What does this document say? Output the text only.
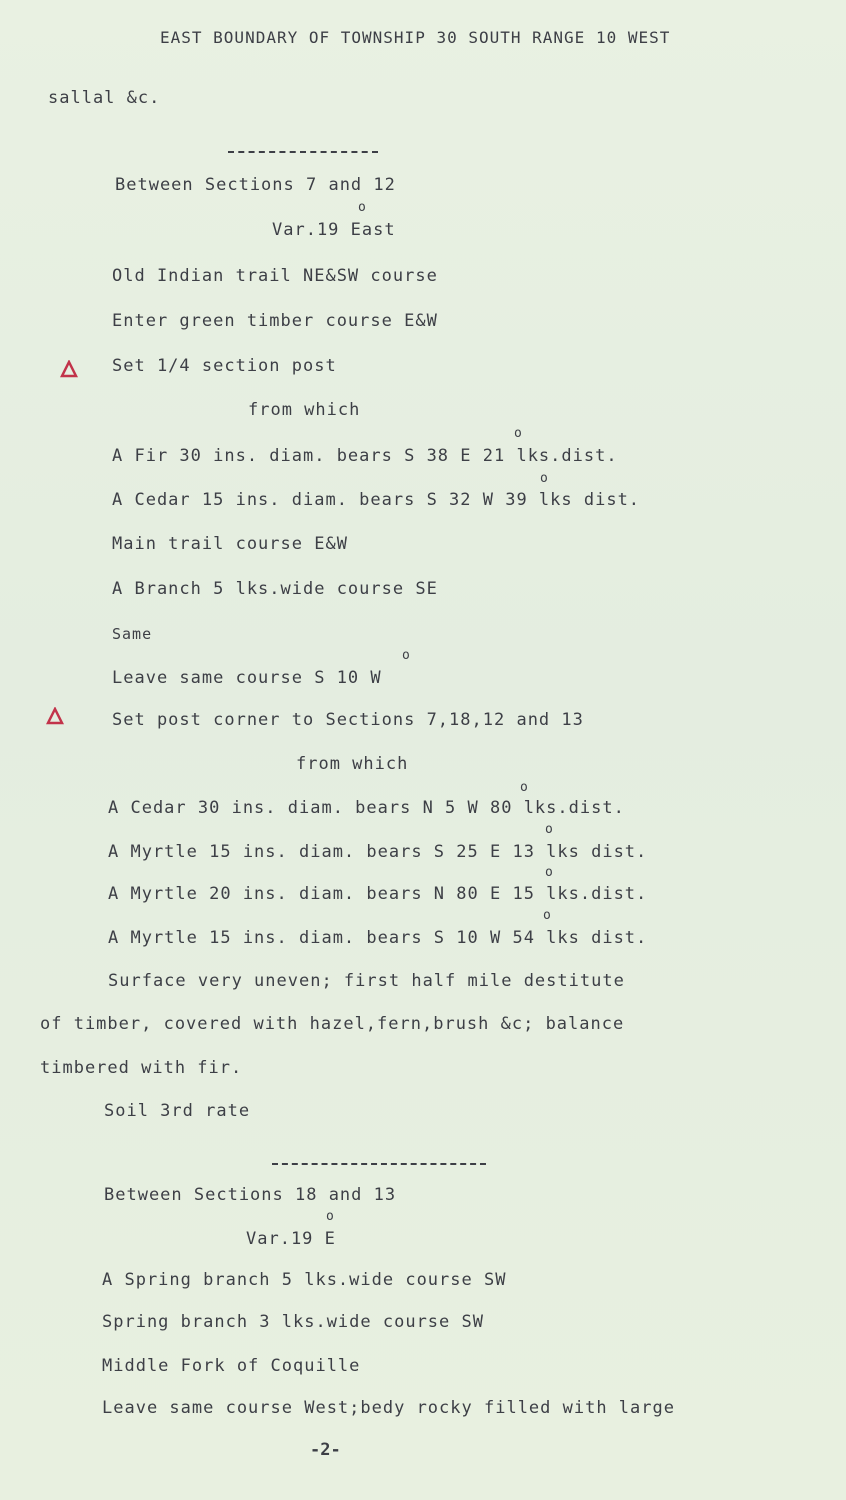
EAST BOUNDARY OF TOWNSHIP 30 SOUTH RANGE 10 WEST
sallal &c.
Between Sections 7 and 12
o
Var.19 East
Old Indian trail NE&SW course
Enter green timber course E&W
Set 1/4 section post
from which
o
A Fir 30 ins. diam. bears S 38 E 21 lks.dist.
o
A Cedar 15 ins. diam. bears S 32 W 39 lks dist.
Main trail course E&W
A Branch 5 lks.wide course SE
Same
o
Leave same course S 10 W
Set post corner to Sections 7,18,12 and 13
from which
o
A Cedar 30 ins. diam. bears N 5 W 80 lks.dist.
o
A Myrtle 15 ins. diam. bears S 25 E 13 lks dist.
o
A Myrtle 20 ins. diam. bears N 80 E 15 lks.dist.
o
A Myrtle 15 ins. diam. bears S 10 W 54 lks dist.
Surface very uneven; first half mile destitute
of timber, covered with hazel,fern,brush &c; balance
timbered with fir.
Soil 3rd rate
Between Sections 18 and 13
o
Var.19 E
A Spring branch 5 lks.wide course SW
Spring branch 3 lks.wide course SW
Middle Fork of Coquille
Leave same course West;bedy rocky filled with large
-2-
